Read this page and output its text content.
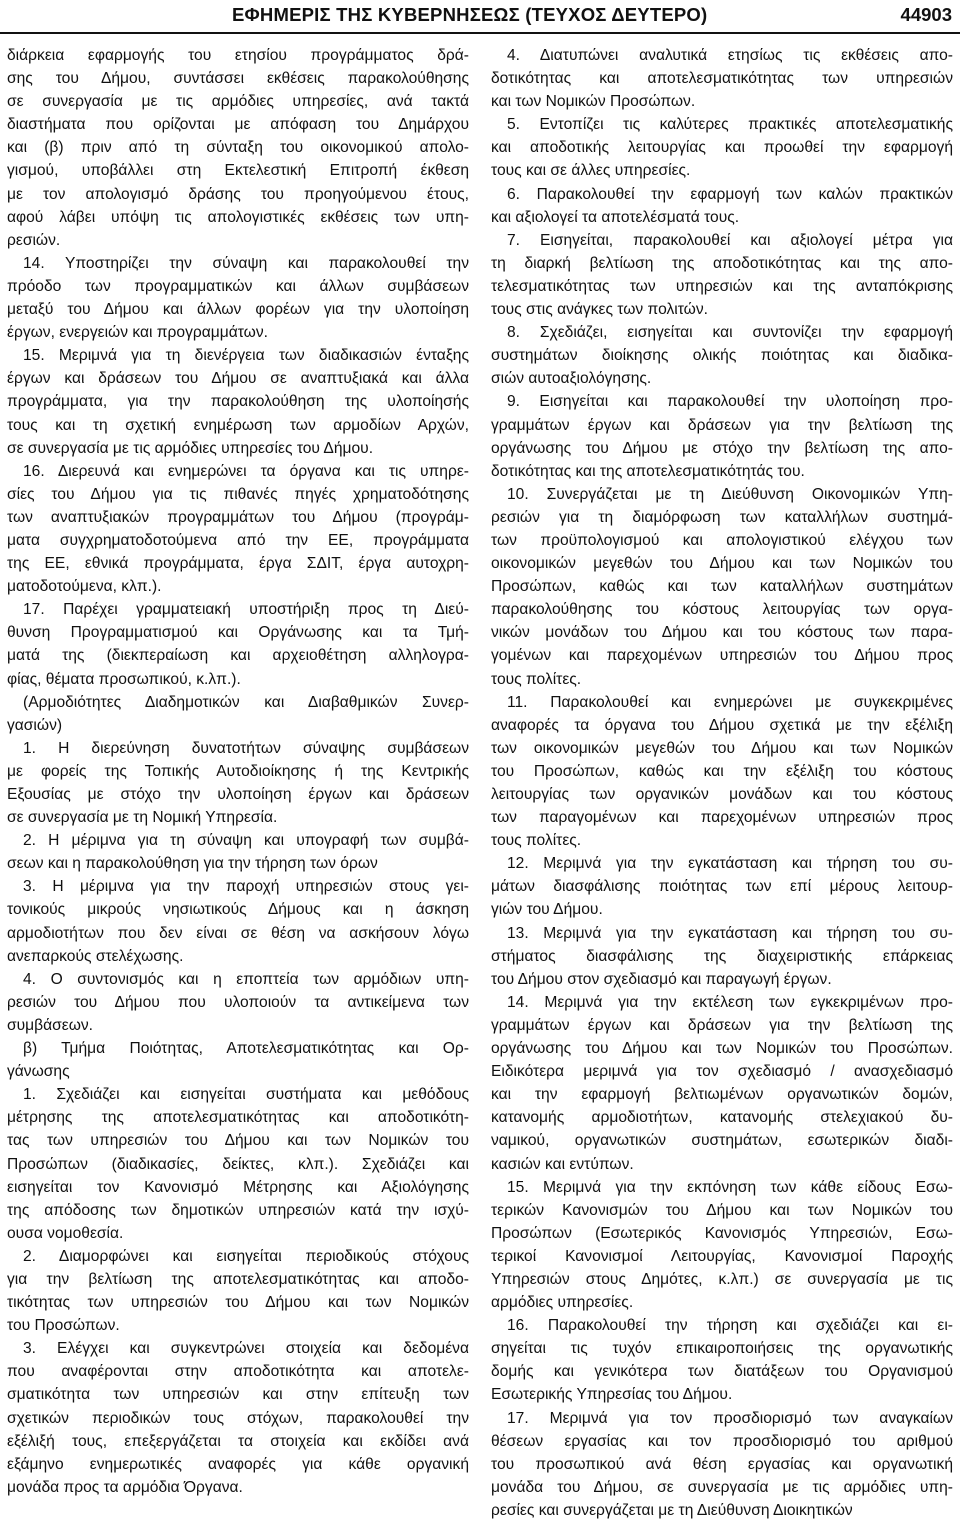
ΕΦΗΜΕΡΙΣ ΤΗΣ ΚΥΒΕΡΝΗΣΕΩΣ (ΤΕΥΧΟΣ ΔΕΥΤΕΡΟ)	44903
διάρκεια εφαρμογής του ετησίου προγράμματος δρά-
σης του Δήμου, συντάσσει εκθέσεις παρακολούθησης
σε συνεργασία με τις αρμόδιες υπηρεσίες, ανά τακτά
διαστήματα που ορίζονται με απόφαση του Δημάρχου
και (β) πριν από τη σύνταξη του οικονομικού απολο-
γισμού, υποβάλλει στη Εκτελεστική Επιτροπή έκθεση
με τον απολογισμό δράσης του προηγούμενου έτους,
αφού λάβει υπόψη τις απολογιστικές εκθέσεις των υπη-
ρεσιών.
14. Υποστηρίζει την σύναψη και παρακολουθεί την
πρόοδο των προγραμματικών και άλλων συμβάσεων
μεταξύ του Δήμου και άλλων φορέων για την υλοποίηση
έργων, ενεργειών και προγραμμάτων.
15. Μεριμνά για τη διενέργεια των διαδικασιών ένταξης
έργων και δράσεων του Δήμου σε αναπτυξιακά και άλλα
προγράμματα, για την παρακολούθηση της υλοποίησής
τους και τη σχετική ενημέρωση των αρμοδίων Αρχών,
σε συνεργασία με τις αρμόδιες υπηρεσίες του Δήμου.
16. Διερευνά και ενημερώνει τα όργανα και τις υπηρε-
σίες του Δήμου για τις πιθανές πηγές χρηματοδότησης
των αναπτυξιακών προγραμμάτων του Δήμου (προγράμ-
ματα συγχρηματοδοτούμενα από την ΕΕ, προγράμματα
της ΕΕ, εθνικά προγράμματα, έργα ΣΔΙΤ, έργα αυτοχρη-
ματοδοτούμενα, κλπ.).
17. Παρέχει γραμματειακή υποστήριξη προς τη Διεύ-
θυνση Προγραμματισμού και Οργάνωσης και τα Τμή-
ματά της (διεκπεραίωση και αρχειοθέτηση αλληλογρα-
φίας, θέματα προσωπικού, κ.λπ.).
(Αρμοδιότητες Διαδημοτικών και Διαβαθμικών Συνερ-
γασιών)
1. Η διερεύνηση δυνατοτήτων σύναψης συμβάσεων
με φορείς της Τοπικής Αυτοδιοίκησης ή της Κεντρικής
Εξουσίας με στόχο την υλοποίηση έργων και δράσεων
σε συνεργασία με τη Νομική Υπηρεσία.
2. Η μέριμνα για τη σύναψη και υπογραφή των συμβά-
σεων και η παρακολούθηση για την τήρηση των όρων
3. Η μέριμνα για την παροχή υπηρεσιών στους γει-
τονικούς μικρούς νησιωτικούς Δήμους και η άσκηση
αρμοδιοτήτων που δεν είναι σε θέση να ασκήσουν λόγω
ανεπαρκούς στελέχωσης.
4. Ο συντονισμός και η εποπτεία των αρμόδιων υπη-
ρεσιών του Δήμου που υλοποιούν τα αντικείμενα των
συμβάσεων.
β) Τμήμα Ποιότητας, Αποτελεσματικότητας και Ορ-
γάνωσης
1. Σχεδιάζει και εισηγείται συστήματα και μεθόδους
μέτρησης της αποτελεσματικότητας και αποδοτικότη-
τας των υπηρεσιών του Δήμου και των Νομικών του
Προσώπων (διαδικασίες, δείκτες, κλπ.). Σχεδιάζει και
εισηγείται τον Κανονισμό Μέτρησης και Αξιολόγησης
της απόδοσης των δημοτικών υπηρεσιών κατά την ισχύ-
ουσα νομοθεσία.
2. Διαμορφώνει και εισηγείται περιοδικούς στόχους
για την βελτίωση της αποτελεσματικότητας και αποδο-
τικότητας των υπηρεσιών του Δήμου και των Νομικών
του Προσώπων.
3. Ελέγχει και συγκεντρώνει στοιχεία και δεδομένα
που αναφέρονται στην αποδοτικότητα και αποτελε-
σματικότητα των υπηρεσιών και στην επίτευξη των
σχετικών περιοδικών τους στόχων, παρακολουθεί την
εξέλιξή τους, επεξεργάζεται τα στοιχεία και εκδίδει ανά
εξάμηνο ενημερωτικές αναφορές για κάθε οργανική
μονάδα προς τα αρμόδια Όργανα.
4. Διατυπώνει αναλυτικά ετησίως τις εκθέσεις απο-
δοτικότητας και αποτελεσματικότητας των υπηρεσιών
και των Νομικών Προσώπων.
5. Εντοπίζει τις καλύτερες πρακτικές αποτελεσματικής
και αποδοτικής λειτουργίας και προωθεί την εφαρμογή
τους και σε άλλες υπηρεσίες.
6. Παρακολουθεί την εφαρμογή των καλών πρακτικών
και αξιολογεί τα αποτελέσματά τους.
7. Εισηγείται, παρακολουθεί και αξιολογεί μέτρα για
τη διαρκή βελτίωση της αποδοτικότητας και της απο-
τελεσματικότητας των υπηρεσιών και της ανταπόκρισης
τους στις ανάγκες των πολιτών.
8. Σχεδιάζει, εισηγείται και συντονίζει την εφαρμογή
συστημάτων διοίκησης ολικής ποιότητας και διαδικα-
σιών αυτοαξιολόγησης.
9. Εισηγείται και παρακολουθεί την υλοποίηση προ-
γραμμάτων έργων και δράσεων για την βελτίωση της
οργάνωσης του Δήμου με στόχο την βελτίωση της απο-
δοτικότητας και της αποτελεσματικότητάς του.
10. Συνεργάζεται με τη Διεύθυνση Οικονομικών Υπη-
ρεσιών για τη διαμόρφωση των καταλλήλων συστημά-
των προϋπολογισμού και απολογιστικού ελέγχου των
οικονομικών μεγεθών του Δήμου και των Νομικών του
Προσώπων, καθώς και των καταλλήλων συστημάτων
παρακολούθησης του κόστους λειτουργίας των οργα-
νικών μονάδων του Δήμου και του κόστους των παρα-
γομένων και παρεχομένων υπηρεσιών του Δήμου προς
τους πολίτες.
11. Παρακολουθεί και ενημερώνει με συγκεκριμένες
αναφορές τα όργανα του Δήμου σχετικά με την εξέλιξη
των οικονομικών μεγεθών του Δήμου και των Νομικών
του Προσώπων, καθώς και την εξέλιξη του κόστους
λειτουργίας των οργανικών μονάδων και του κόστους
των παραγομένων και παρεχομένων υπηρεσιών προς
τους πολίτες.
12. Μεριμνά για την εγκατάσταση και τήρηση του συ-
μάτων διασφάλισης ποιότητας των επί μέρους λειτουρ-
γιών του Δήμου.
13. Μεριμνά για την εγκατάσταση και τήρηση του συ-
στήματος διασφάλισης της διαχειριστικής επάρκειας
του Δήμου στον σχεδιασμό και παραγωγή έργων.
14. Μεριμνά για την εκτέλεση των εγκεκριμένων προ-
γραμμάτων έργων και δράσεων για την βελτίωση της
οργάνωσης του Δήμου και των Νομικών του Προσώπων.
Ειδικότερα μεριμνά για τον σχεδιασμό / ανασχεδιασμό
και την εφαρμογή βελτιωμένων οργανωτικών δομών,
κατανομής αρμοδιοτήτων, κατανομής στελεχιακού δυ-
ναμικού, οργανωτικών συστημάτων, εσωτερικών διαδι-
κασιών και εντύπων.
15. Μεριμνά για την εκπόνηση των κάθε είδους Εσω-
τερικών Κανονισμών του Δήμου και των Νομικών του
Προσώπων (Εσωτερικός Κανονισμός Υπηρεσιών, Εσω-
τερικοί Κανονισμοί Λειτουργίας, Κανονισμοί Παροχής
Υπηρεσιών στους Δημότες, κ.λπ.) σε συνεργασία με τις
αρμόδιες υπηρεσίες.
16. Παρακολουθεί την τήρηση και σχεδιάζει και ει-
σηγείται τις τυχόν επικαιροποιήσεις της οργανωτικής
δομής και γενικότερα των διατάξεων του Οργανισμού
Εσωτερικής Υπηρεσίας του Δήμου.
17. Μεριμνά για τον προσδιορισμό των αναγκαίων
θέσεων εργασίας και τον προσδιορισμό του αριθμού
του προσωπικού ανά θέση εργασίας και οργανωτική
μονάδα του Δήμου, σε συνεργασία με τις αρμόδιες υπη-
ρεσίες και συνεργάζεται με τη Διεύθυνση Διοικητικών
